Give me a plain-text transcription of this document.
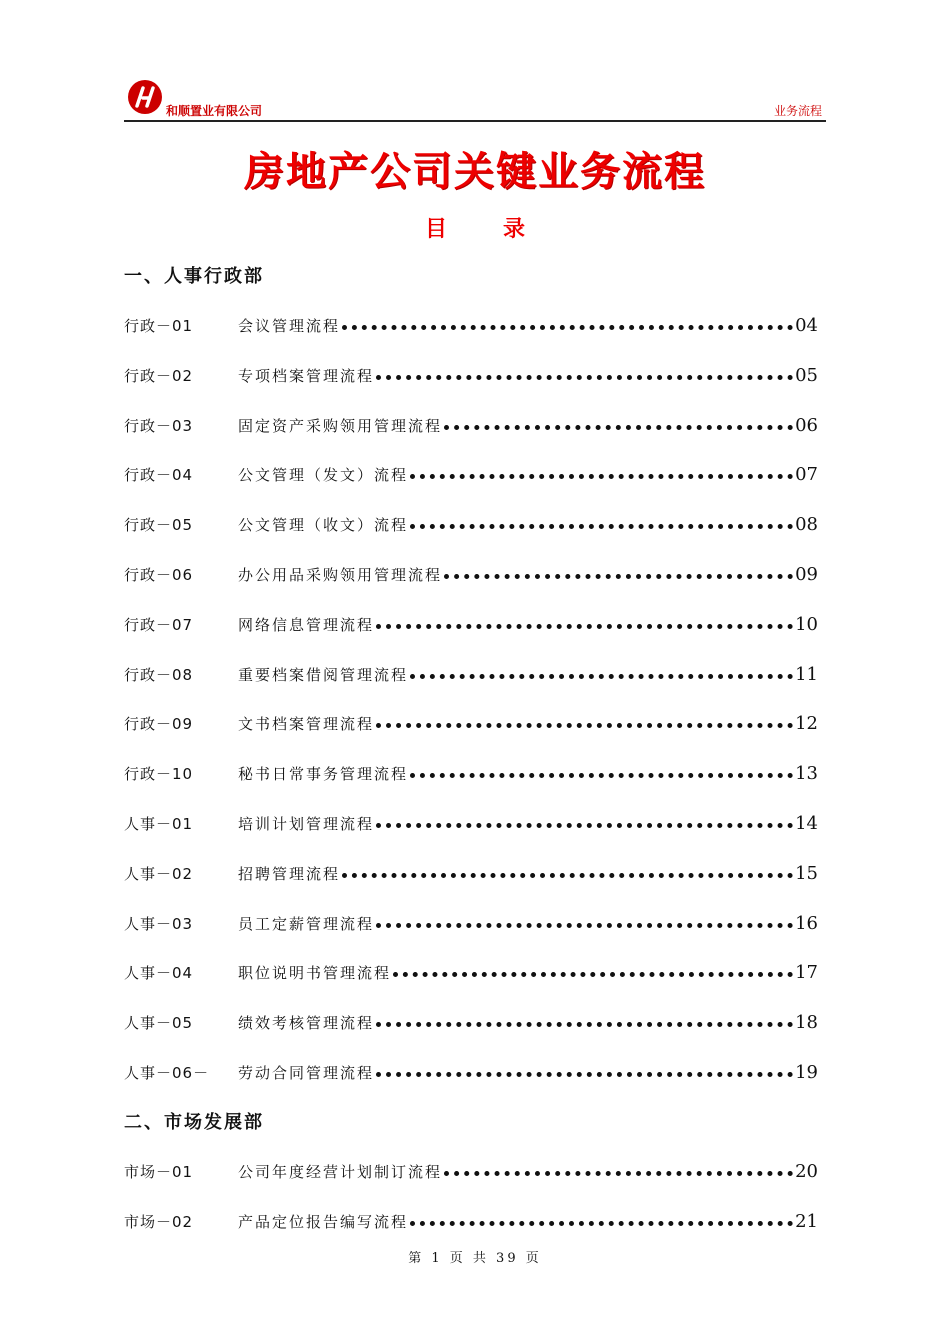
和顺置业有限公司	业务流程
房地产公司关键业务流程
目录
一、人事行政部
行政－01	会议管理流程	04
行政－02	专项档案管理流程	05
行政－03	固定资产采购领用管理流程	06
行政－04	公文管理（发文）流程	07
行政－05	公文管理（收文）流程	08
行政－06	办公用品采购领用管理流程	09
行政－07	网络信息管理流程	10
行政－08	重要档案借阅管理流程	11
行政－09	文书档案管理流程	12
行政－10	秘书日常事务管理流程	13
人事－01	培训计划管理流程	14
人事－02	招聘管理流程	15
人事－03	员工定薪管理流程	16
人事－04	职位说明书管理流程	17
人事－05	绩效考核管理流程	18
人事－06－	劳动合同管理流程	19
二、市场发展部
市场－01	公司年度经营计划制订流程	20
市场－02	产品定位报告编写流程	21
第 1 页 共 39 页
